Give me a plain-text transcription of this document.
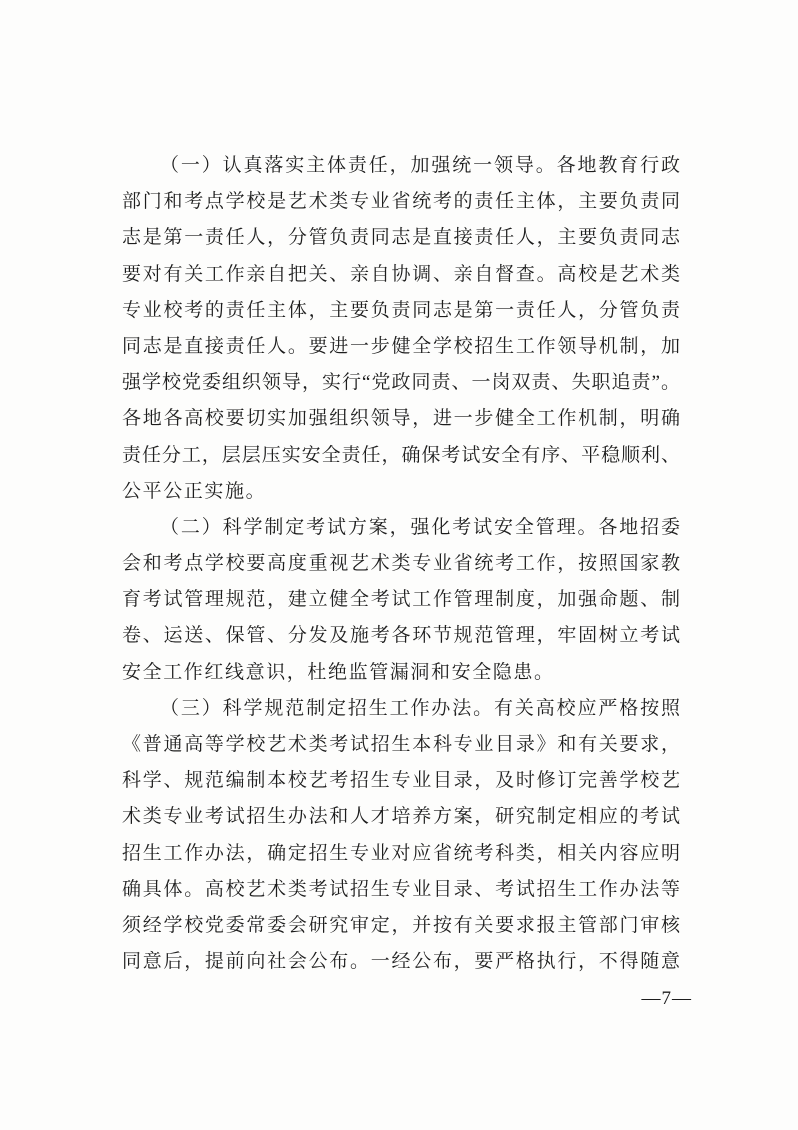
（一）认真落实主体责任，加强统一领导。各地教育行政
部门和考点学校是艺术类专业省统考的责任主体，主要负责同
志是第一责任人，分管负责同志是直接责任人，主要负责同志
要对有关工作亲自把关、亲自协调、亲自督查。高校是艺术类
专业校考的责任主体，主要负责同志是第一责任人，分管负责
同志是直接责任人。要进一步健全学校招生工作领导机制，加
强学校党委组织领导，实行“党政同责、一岗双责、失职追责”。
各地各高校要切实加强组织领导，进一步健全工作机制，明确
责任分工，层层压实安全责任，确保考试安全有序、平稳顺利、
公平公正实施。
（二）科学制定考试方案，强化考试安全管理。各地招委
会和考点学校要高度重视艺术类专业省统考工作，按照国家教
育考试管理规范，建立健全考试工作管理制度，加强命题、制
卷、运送、保管、分发及施考各环节规范管理，牢固树立考试
安全工作红线意识，杜绝监管漏洞和安全隐患。
（三）科学规范制定招生工作办法。有关高校应严格按照
《普通高等学校艺术类考试招生本科专业目录》和有关要求，
科学、规范编制本校艺考招生专业目录，及时修订完善学校艺
术类专业考试招生办法和人才培养方案，研究制定相应的考试
招生工作办法，确定招生专业对应省统考科类，相关内容应明
确具体。高校艺术类考试招生专业目录、考试招生工作办法等
须经学校党委常委会研究审定，并按有关要求报主管部门审核
同意后，提前向社会公布。一经公布，要严格执行，不得随意
—7—
